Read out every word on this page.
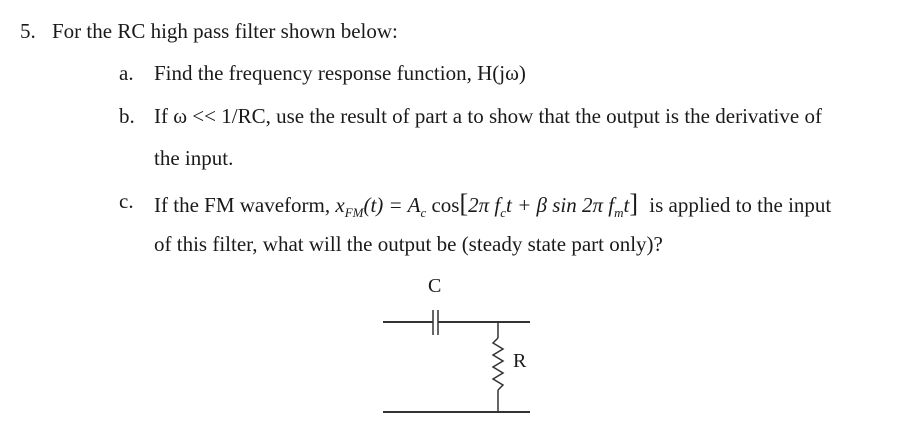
5. For the RC high pass filter shown below:
a. Find the frequency response function, H(jω)
b. If ω << 1/RC, use the result of part a to show that the output is the derivative of
the input.
c. If the FM waveform, $x_{FM}(t) = A_c$ cos[2π $f_ct + \beta$ sin 2π $f_mt$] is applied to the input
of this filter, what will the output be (steady state part only)?
C
R
